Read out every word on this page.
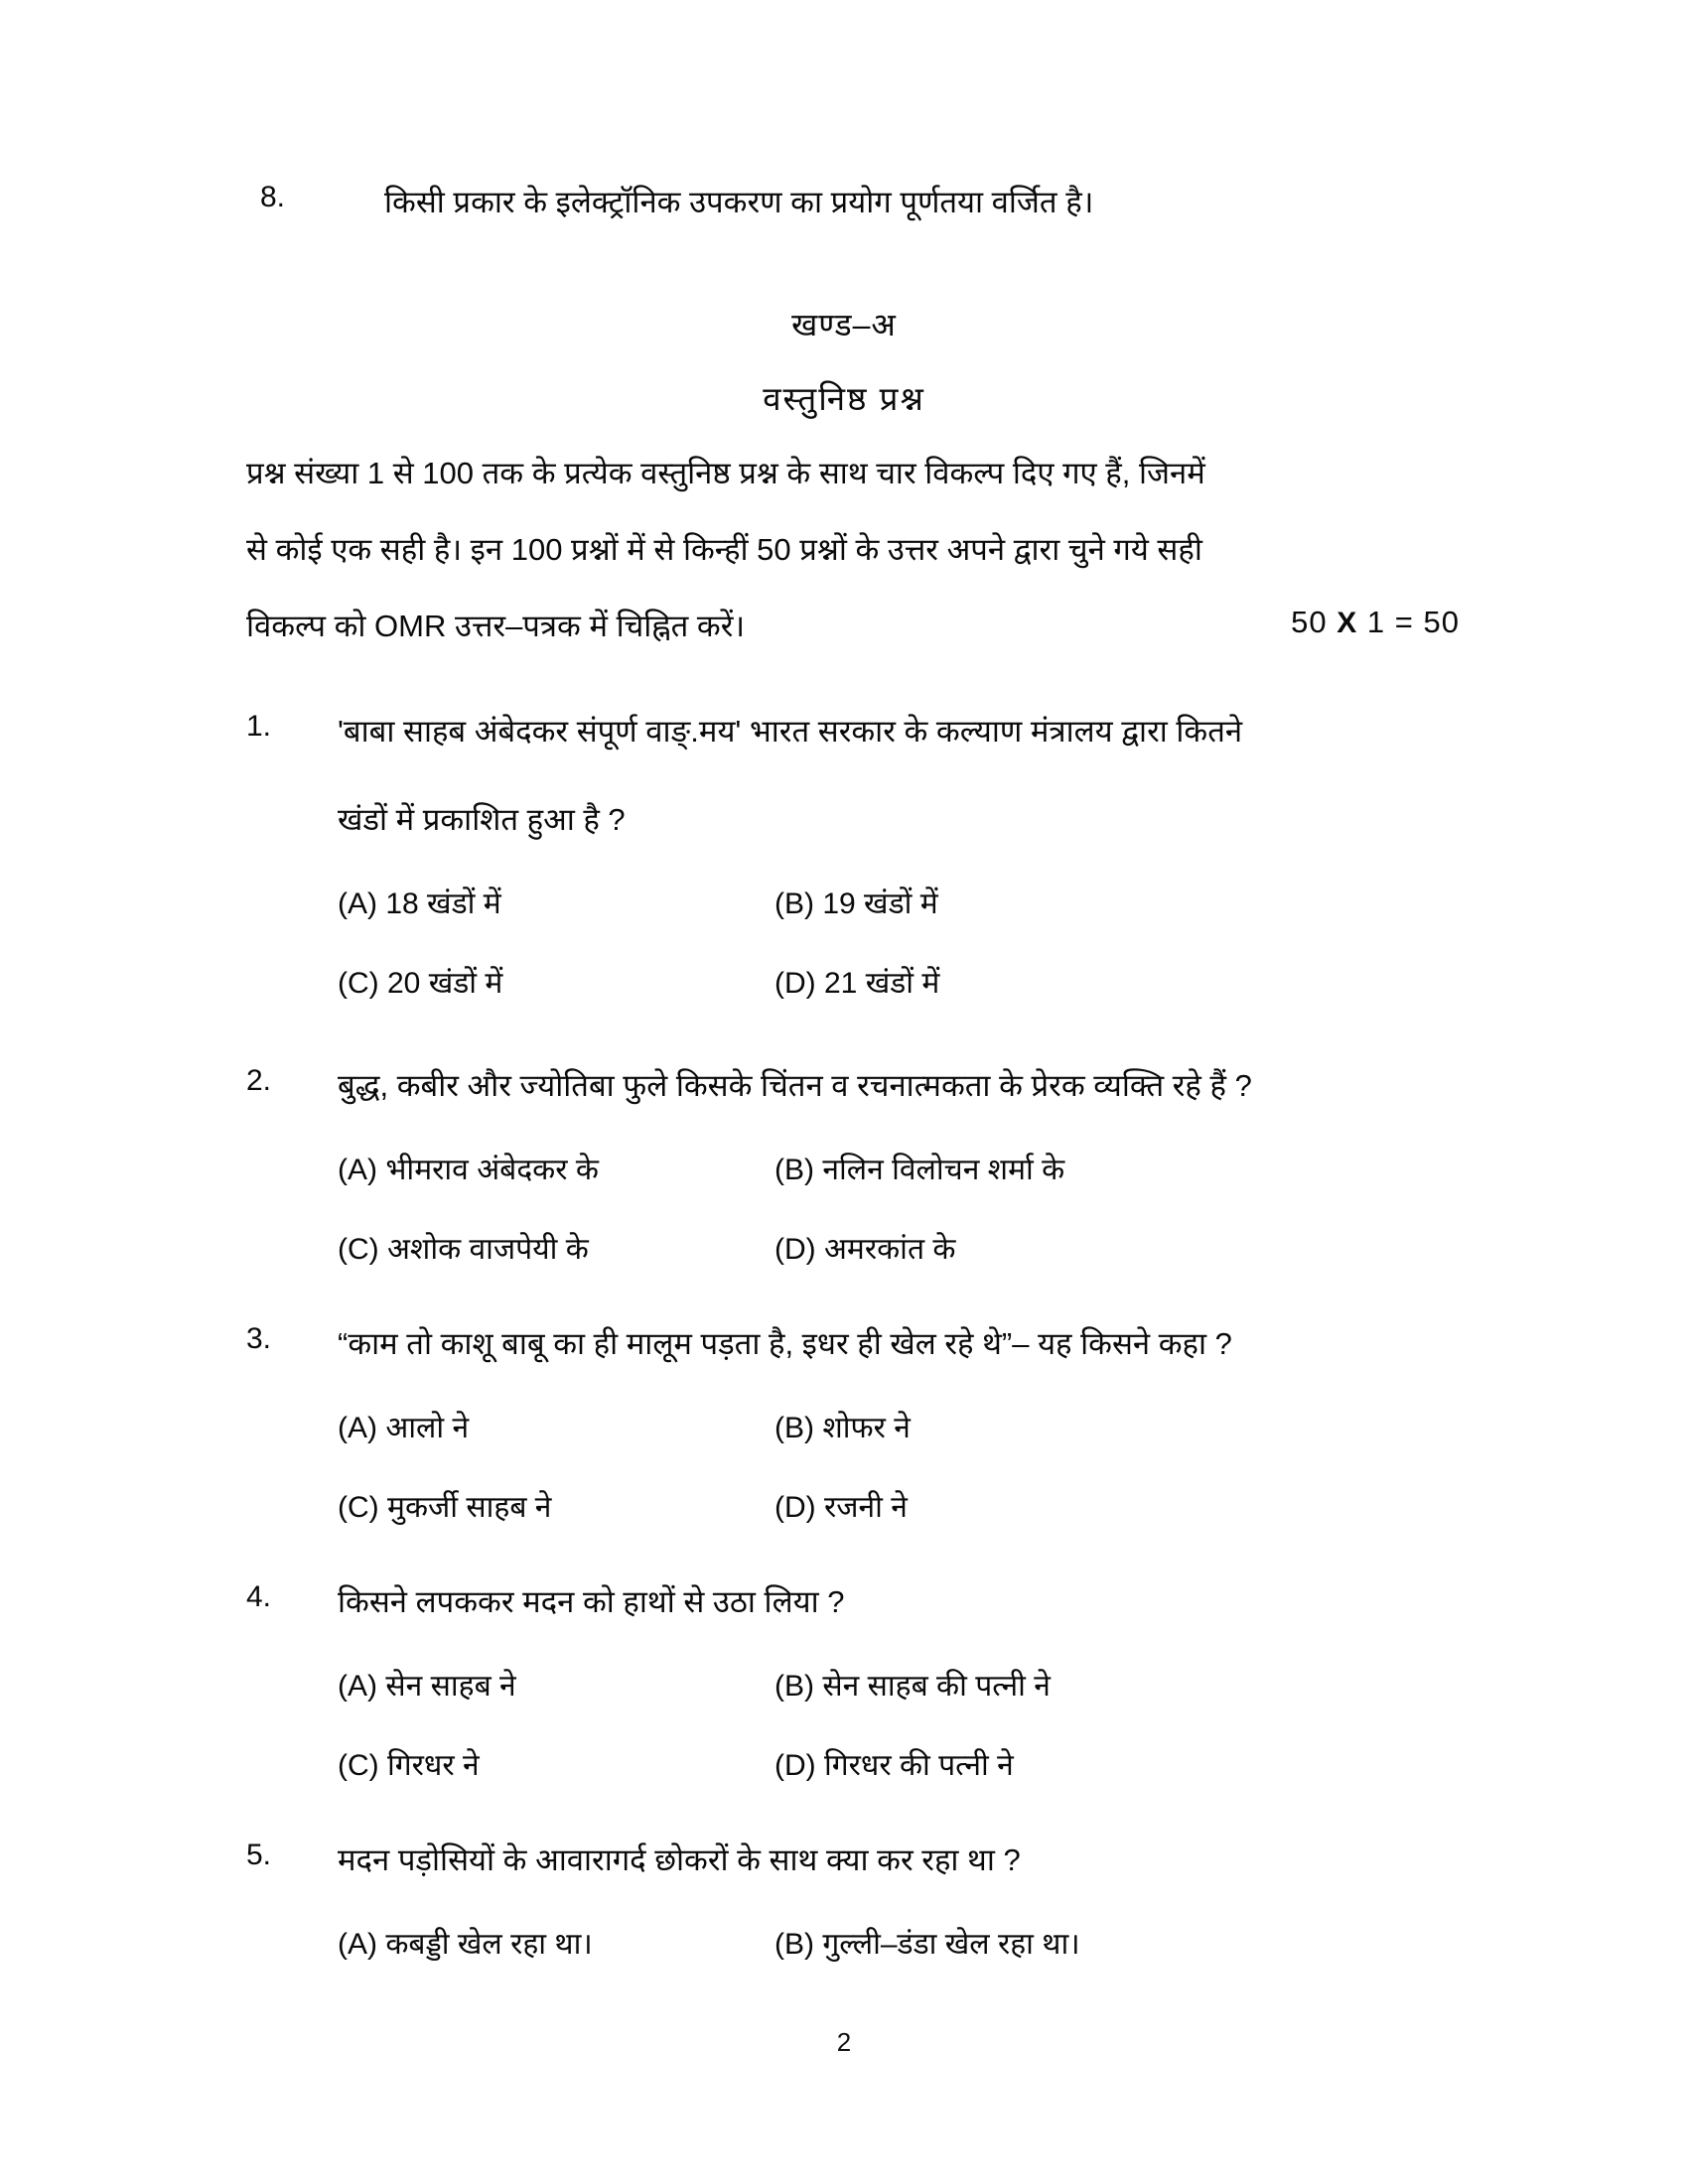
8.	किसी प्रकार के इलेक्ट्रॉनिक उपकरण का प्रयोग पूर्णतया वर्जित है।
खण्ड–अ
वस्तुनिष्ठ प्रश्न
प्रश्न संख्या 1 से 100 तक के प्रत्येक वस्तुनिष्ठ प्रश्न के साथ चार विकल्प दिए गए हैं, जिनमें
से कोई एक सही है। इन 100 प्रश्नों में से किन्हीं 50 प्रश्नों के उत्तर अपने द्वारा चुने गये सही
विकल्प को OMR उत्तर–पत्रक में चिह्नित करें।	50 X 1 = 50
1.	'बाबा साहब अंबेदकर संपूर्ण वाङ्.मय' भारत सरकार के कल्याण मंत्रालय द्वारा कितने
खंडों में प्रकाशित हुआ है ?
(A) 18 खंडों में	(B) 19 खंडों में
(C) 20 खंडों में	(D) 21 खंडों में
2.	बुद्ध, कबीर और ज्योतिबा फुले किसके चिंतन व रचनात्मकता के प्रेरक व्यक्ति रहे हैं ?
(A) भीमराव अंबेदकर के	(B) नलिन विलोचन शर्मा के
(C) अशोक वाजपेयी के	(D) अमरकांत के
3.	“काम तो काशू बाबू का ही मालूम पड़ता है, इधर ही खेल रहे थे”– यह किसने कहा ?
(A) आलो ने	(B) शोफर ने
(C) मुकर्जी साहब ने	(D) रजनी ने
4.	किसने लपककर मदन को हाथों से उठा लिया ?
(A) सेन साहब ने	(B) सेन साहब की पत्नी ने
(C) गिरधर ने	(D) गिरधर की पत्नी ने
5.	मदन पड़ोसियों के आवारागर्द छोकरों के साथ क्या कर रहा था ?
(A) कबड्डी खेल रहा था।	(B) गुल्ली–डंडा खेल रहा था।
2
